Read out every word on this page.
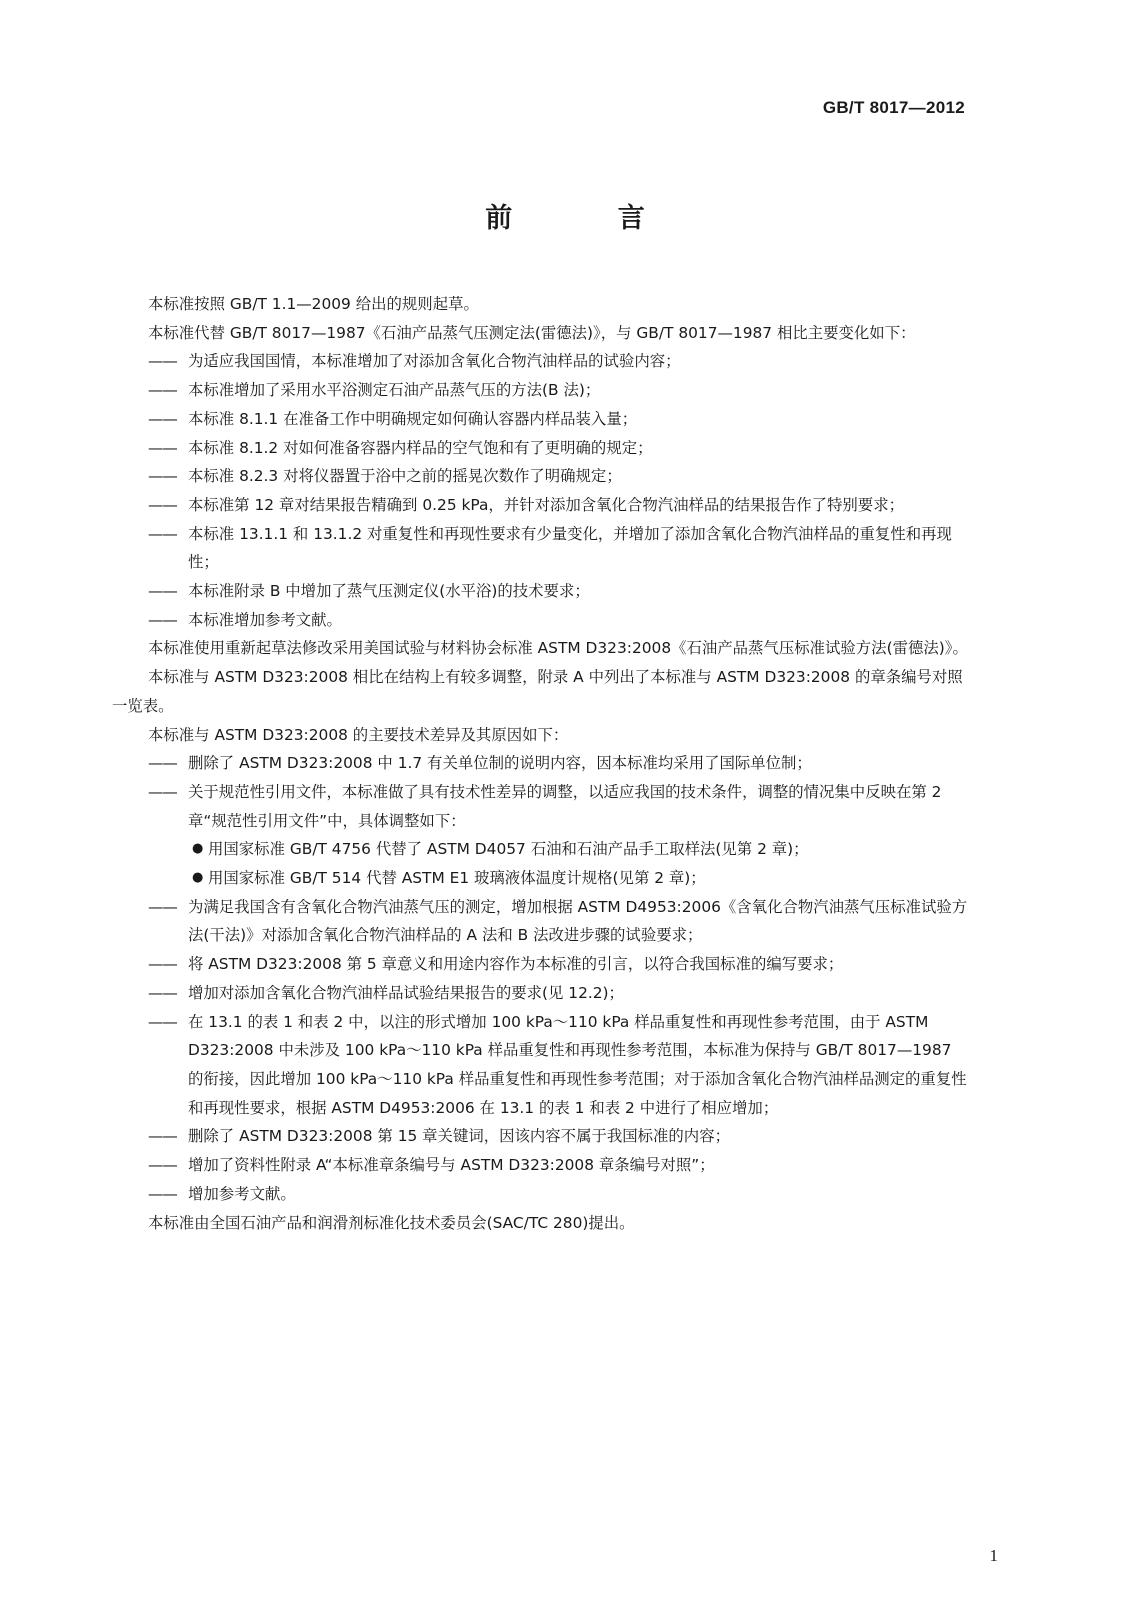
GB/T 8017—2012
前 言

本标准按照 GB/T 1.1—2009 给出的规则起草。

本标准代替 GB/T 8017—1987《石油产品蒸气压测定法(雷德法)》，与 GB/T 8017—1987 相比主要变化如下：

—— 为适应我国国情，本标准增加了对添加含氧化合物汽油样品的试验内容；
—— 本标准增加了采用水平浴测定石油产品蒸气压的方法(B 法)；
—— 本标准 8.1.1 在准备工作中明确规定如何确认容器内样品装入量；
—— 本标准 8.1.2 对如何准备容器内样品的空气饱和有了更明确的规定；
—— 本标准 8.2.3 对将仪器置于浴中之前的摇晃次数作了明确规定；
—— 本标准第 12 章对结果报告精确到 0.25 kPa，并针对添加含氧化合物汽油样品的结果报告作了特别要求；
—— 本标准 13.1.1 和 13.1.2 对重复性和再现性要求有少量变化，并增加了添加含氧化合物汽油样品的重复性和再现性；
—— 本标准附录 B 中增加了蒸气压测定仪(水平浴)的技术要求；
—— 本标准增加参考文献。

本标准使用重新起草法修改采用美国试验与材料协会标准 ASTM D323:2008《石油产品蒸气压标准试验方法(雷德法)》。

本标准与 ASTM D323:2008 相比在结构上有较多调整，附录 A 中列出了本标准与 ASTM D323:2008 的章条编号对照一览表。

本标准与 ASTM D323:2008 的主要技术差异及其原因如下：

—— 删除了 ASTM D323:2008 中 1.7 有关单位制的说明内容，因本标准均采用了国际单位制；
—— 关于规范性引用文件，本标准做了具有技术性差异的调整，以适应我国的技术条件，调整的情况集中反映在第 2 章“规范性引用文件”中，具体调整如下：
● 用国家标准 GB/T 4756 代替了 ASTM D4057 石油和石油产品手工取样法(见第 2 章)；
● 用国家标准 GB/T 514 代替 ASTM E1 玻璃液体温度计规格(见第 2 章)；
—— 为满足我国含有含氧化合物汽油蒸气压的测定，增加根据 ASTM D4953:2006《含氧化合物汽油蒸气压标准试验方法(干法)》对添加含氧化合物汽油样品的 A 法和 B 法改进步骤的试验要求；
—— 将 ASTM D323:2008 第 5 章意义和用途内容作为本标准的引言，以符合我国标准的编写要求；
—— 增加对添加含氧化合物汽油样品试验结果报告的要求(见 12.2)；
—— 在 13.1 的表 1 和表 2 中，以注的形式增加 100 kPa～110 kPa 样品重复性和再现性参考范围，由于 ASTM D323:2008 中未涉及 100 kPa～110 kPa 样品重复性和再现性参考范围，本标准为保持与 GB/T 8017—1987 的衔接，因此增加 100 kPa～110 kPa 样品重复性和再现性参考范围；对于添加含氧化合物汽油样品测定的重复性和再现性要求，根据 ASTM D4953:2006 在 13.1 的表 1 和表 2 中进行了相应增加；
—— 删除了 ASTM D323:2008 第 15 章关键词，因该内容不属于我国标准的内容；
—— 增加了资料性附录 A“本标准章条编号与 ASTM D323:2008 章条编号对照”；
—— 增加参考文献。

本标准由全国石油产品和润滑剂标准化技术委员会(SAC/TC 280)提出。

1
